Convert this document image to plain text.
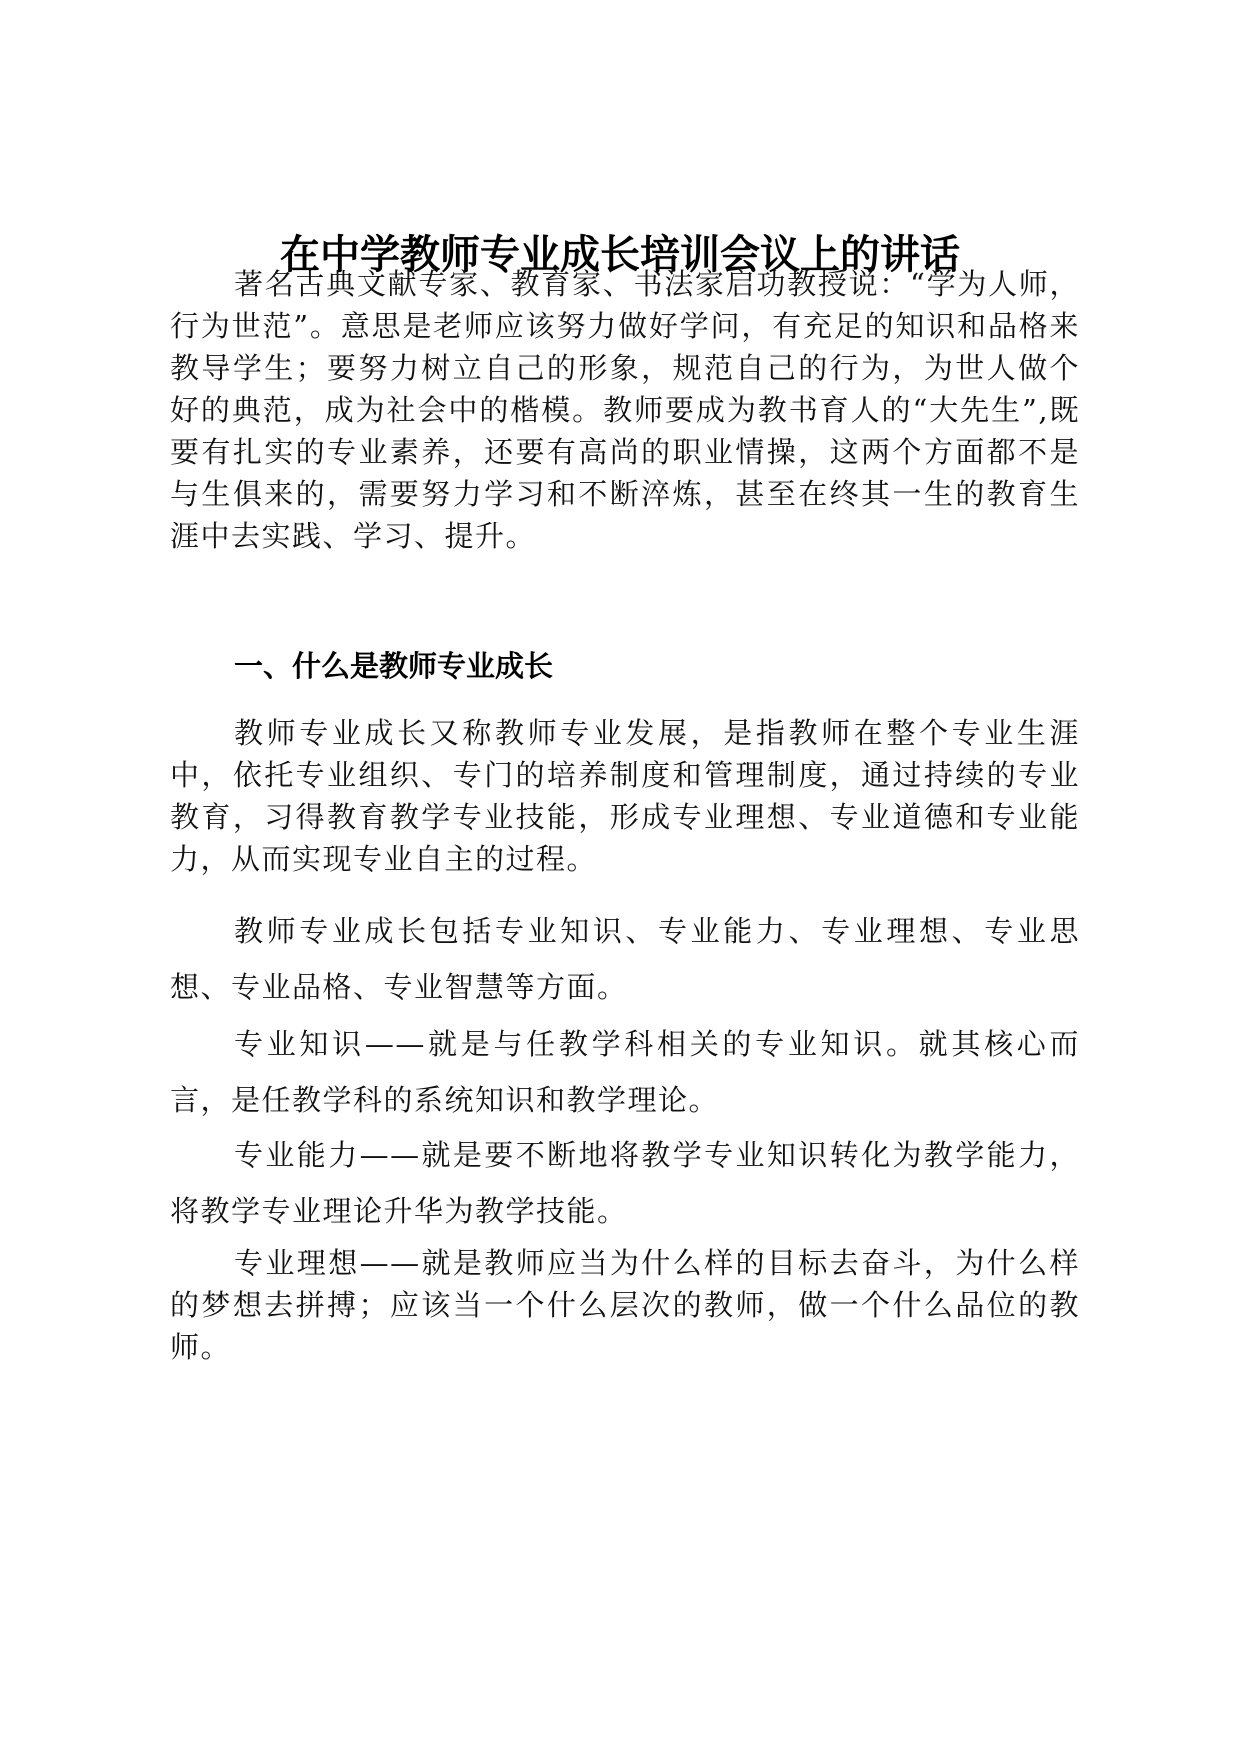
在中学教师专业成长培训会议上的讲话

著名古典文献专家、教育家、书法家启功教授说：“学为人师，行为世范”。意思是老师应该努力做好学问，有充足的知识和品格来教导学生；要努力树立自己的形象，规范自己的行为，为世人做个好的典范，成为社会中的楷模。教师要成为教书育人的“大先生”,既要有扎实的专业素养，还要有高尚的职业情操，这两个方面都不是与生俱来的，需要努力学习和不断淬炼，甚至在终其一生的教育生涯中去实践、学习、提升。

一、什么是教师专业成长

教师专业成长又称教师专业发展，是指教师在整个专业生涯中，依托专业组织、专门的培养制度和管理制度，通过持续的专业教育，习得教育教学专业技能，形成专业理想、专业道德和专业能力，从而实现专业自主的过程。

教师专业成长包括专业知识、专业能力、专业理想、专业思想、专业品格、专业智慧等方面。

专业知识——就是与任教学科相关的专业知识。就其核心而言，是任教学科的系统知识和教学理论。

专业能力——就是要不断地将教学专业知识转化为教学能力，将教学专业理论升华为教学技能。

专业理想——就是教师应当为什么样的目标去奋斗，为什么样的梦想去拼搏；应该当一个什么层次的教师，做一个什么品位的教师。
